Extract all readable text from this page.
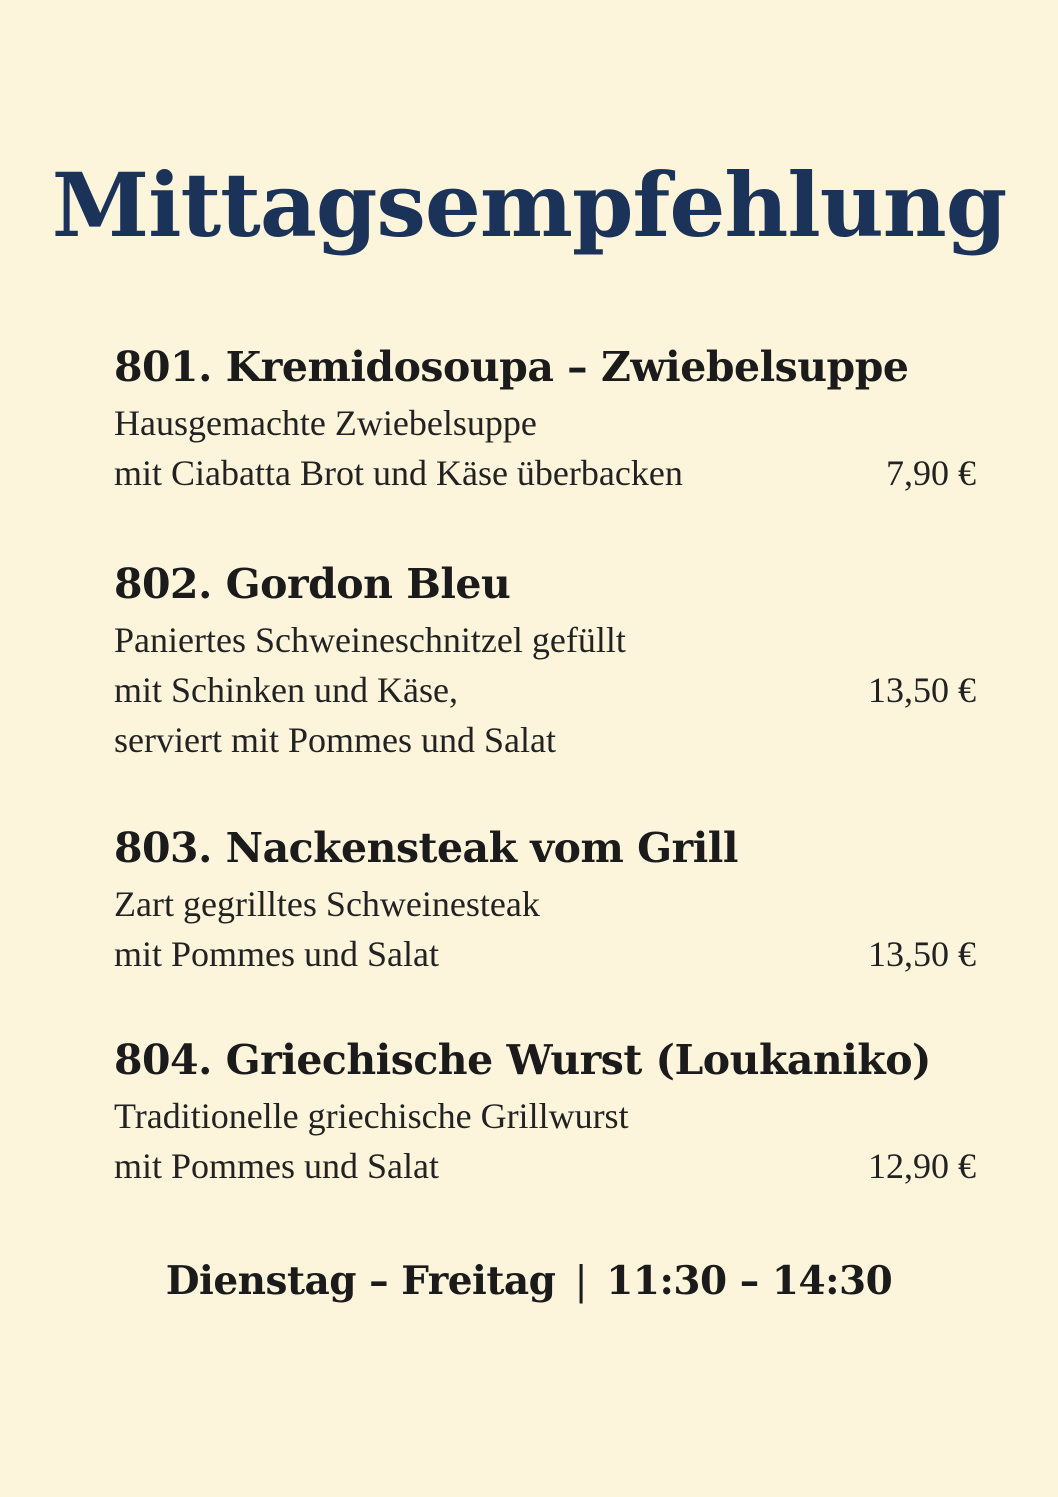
Mittagsempfehlung
801. Kremidosoupa – Zwiebelsuppe
Hausgemachte Zwiebelsuppe
mit Ciabatta Brot und Käse überbacken	7,90 €
802. Gordon Bleu
Paniertes Schweineschnitzel gefüllt
mit Schinken und Käse,
serviert mit Pommes und Salat
13,50 €
803. Nackensteak vom Grill
Zart gegrilltes Schweinesteak
mit Pommes und Salat	13,50 €
804. Griechische Wurst (Loukaniko)
Traditionelle griechische Grillwurst
mit Pommes und Salat	12,90 €
Dienstag – Freitag | 11:30 – 14:30
